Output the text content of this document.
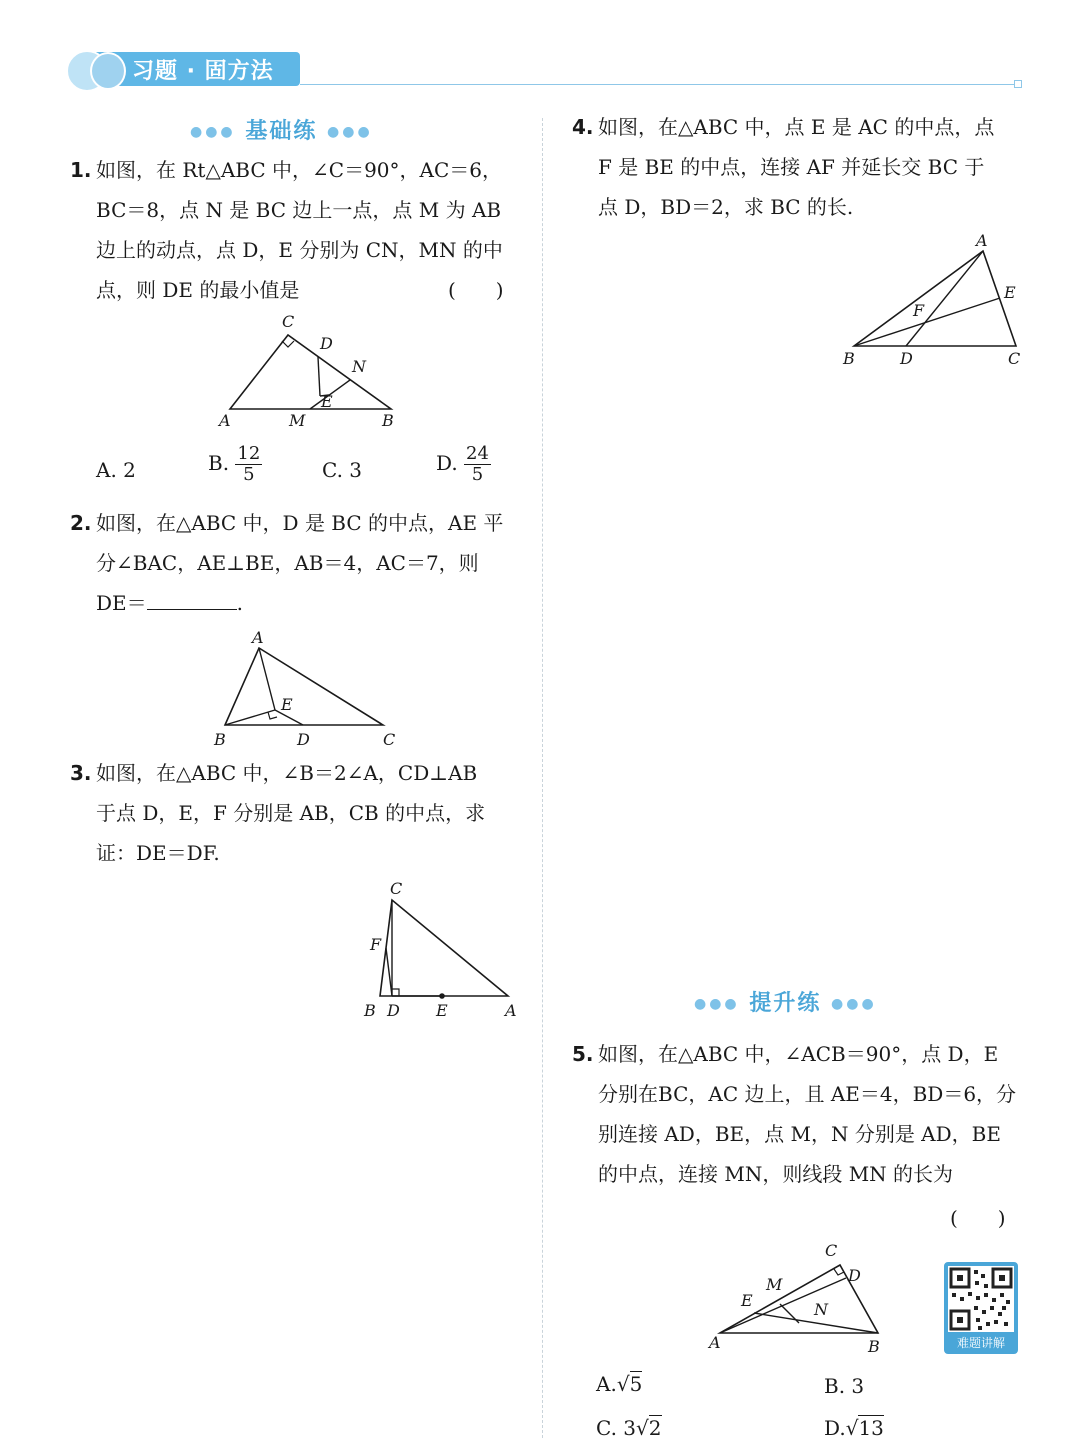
习题 · 固方法
●●● 基础练 ●●●
1. 如图，在 Rt△ABC 中，∠C＝90°，AC＝6，
BC＝8，点 N 是 BC 边上一点，点 M 为 AB
边上的动点，点 D，E 分别为 CN，MN 的中
点，则 DE 的最小值是	(　　)
C
D
N
E
A	M	B
A. 2	B. $\frac{12}{5}$	C. 3	D. $\frac{24}{5}$
2. 如图，在△ABC 中，D 是 BC 的中点，AE 平
分∠BAC，AE⊥BE，AB＝4，AC＝7，则
DE＝	.
A
E
B	D	C
3. 如图，在△ABC 中，∠B＝2∠A，CD⊥AB
于点 D，E，F 分别是 AB，CB 的中点，求
证：DE＝DF.
C
F
B D E	A
4. 如图，在△ABC 中，点 E 是 AC 的中点，点
F 是 BE 的中点，连接 AF 并延长交 BC 于
点 D，BD＝2，求 BC 的长.
A
E
F
B	D	C
●●● 提升练 ●●●
5. 如图，在△ABC 中，∠ACB＝90°，点 D，E
分别在BC，AC 边上，且 AE＝4，BD＝6，分
别连接 AD，BE，点 M，N 分别是 AD，BE
的中点，连接 MN，则线段 MN 的长为
(　　)
C
M	D
E	N
A	B	难题讲解
A.√5	B. 3
C. 3√2	D.√13
